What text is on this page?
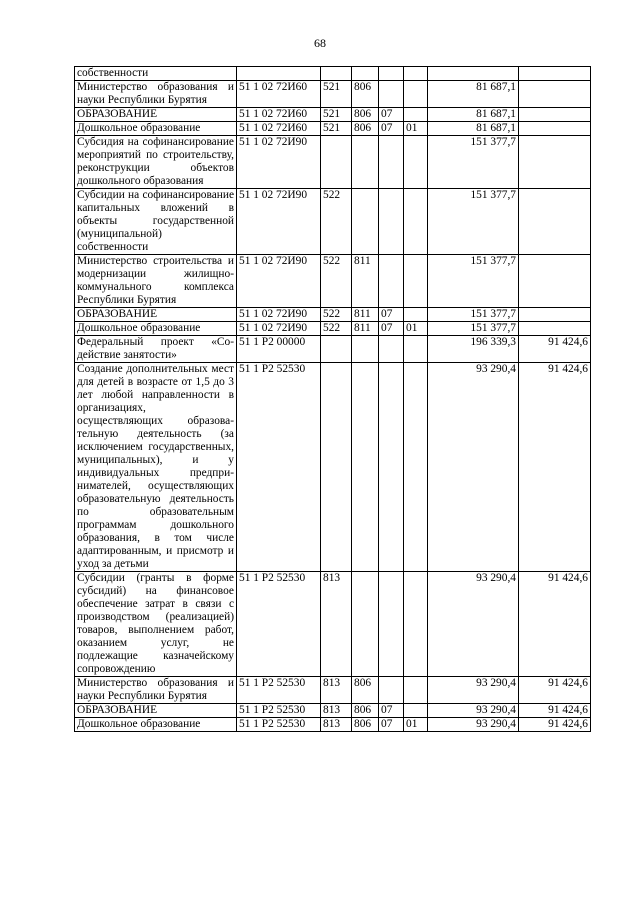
68
собственности							
Министерство образования и науки Республики Бурятия	51 1 02 72И60	521	806			81 687,1	
ОБРАЗОВАНИЕ	51 1 02 72И60	521	806	07		81 687,1	
Дошкольное образование	51 1 02 72И60	521	806	07	01	81 687,1	
Субсидия на софинансирование мероприятий по строительству, реконструкции объектов дошкольного образования	51 1 02 72И90					151 377,7	
Субсидии на софинансирование капитальных вложений в объекты государственной (муниципальной) собственности	51 1 02 72И90	522				151 377,7	
Министерство строительства и модернизации жилищно-коммунального комплекса Республики Бурятия	51 1 02 72И90	522	811			151 377,7	
ОБРАЗОВАНИЕ	51 1 02 72И90	522	811	07		151 377,7	
Дошкольное образование	51 1 02 72И90	522	811	07	01	151 377,7	
Федеральный проект «Содействие занятости»	51 1 Р2 00000					196 339,3	91 424,6
Создание дополнительных мест для детей в возрасте от 1,5 до 3 лет любой направленности в организациях, осуществляющих образовательную деятельность (за исключением государственных, муниципальных), и у индивидуальных предпринимателей, осуществляющих образовательную деятельность по образовательным программам дошкольного образования, в том числе адаптированным, и присмотр и уход за детьми	51 1 Р2 52530					93 290,4	91 424,6
Субсидии (гранты в форме субсидий) на финансовое обеспечение затрат в связи с производством (реализацией) товаров, выполнением работ, оказанием услуг, не подлежащие казначейскому сопровождению	51 1 Р2 52530	813				93 290,4	91 424,6
Министерство образования и науки Республики Бурятия	51 1 Р2 52530	813	806			93 290,4	91 424,6
ОБРАЗОВАНИЕ	51 1 Р2 52530	813	806	07		93 290,4	91 424,6
Дошкольное образование	51 1 Р2 52530	813	806	07	01	93 290,4	91 424,6
